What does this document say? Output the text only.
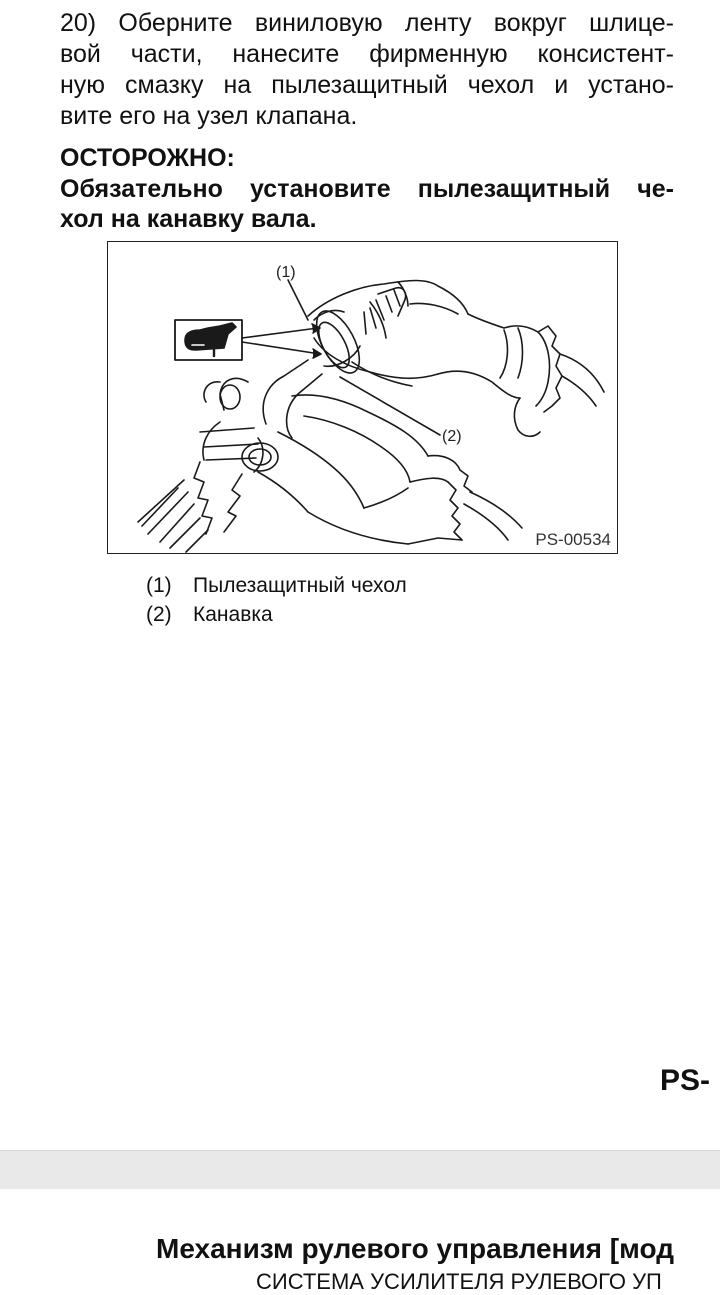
20) Оберните виниловую ленту вокруг шлице-
вой части, нанесите фирменную консистент-
ную смазку на пылезащитный чехол и устано-
вите его на узел клапана.
ОСТОРОЖНО:
Обязательно установите пылезащитный че-
хол на канавку вала.
(1)
(2)
PS-00534
(1)	Пылезащитный чехол
(2)	Канавка
PS-
Механизм рулевого управления [мод
СИСТЕМА УСИЛИТЕЛЯ РУЛЕВОГО УП
